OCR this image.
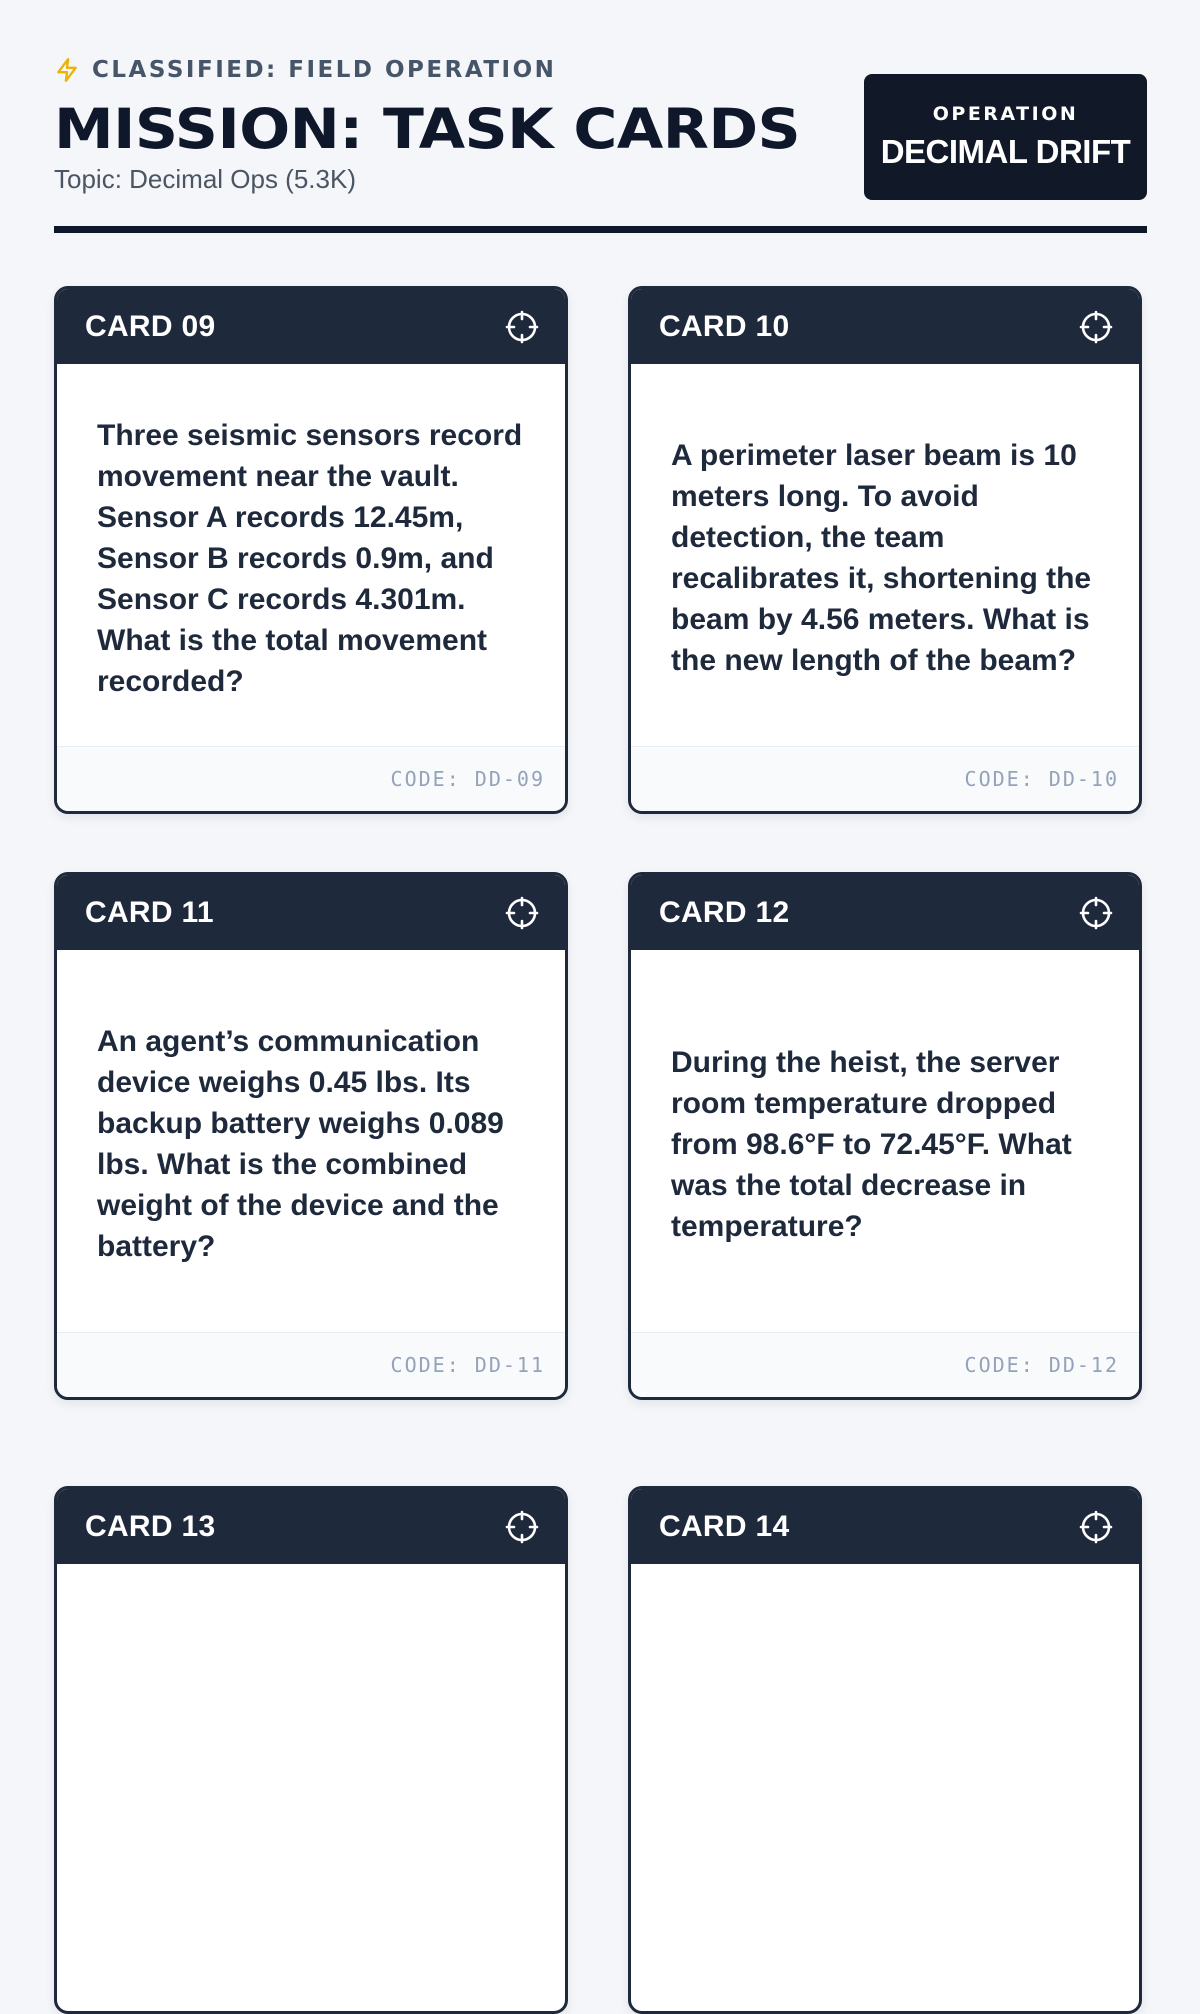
CLASSIFIED: FIELD OPERATION
MISSION: TASK CARDS
Topic: Decimal Ops (5.3K)
OPERATION
DECIMAL DRIFT
CARD 09

Three seismic sensors record movement near the vault. Sensor A records 12.45m, Sensor B records 0.9m, and Sensor C records 4.301m. What is the total movement recorded?

CODE: DD-09
CARD 10

A perimeter laser beam is 10 meters long. To avoid detection, the team recalibrates it, shortening the beam by 4.56 meters. What is the new length of the beam?

CODE: DD-10
CARD 11

An agent’s communication device weighs 0.45 lbs. Its backup battery weighs 0.089 lbs. What is the combined weight of the device and the battery?

CODE: DD-11
CARD 12

During the heist, the server room temperature dropped from 98.6°F to 72.45°F. What was the total decrease in temperature?

CODE: DD-12
CARD 13	CARD 14
